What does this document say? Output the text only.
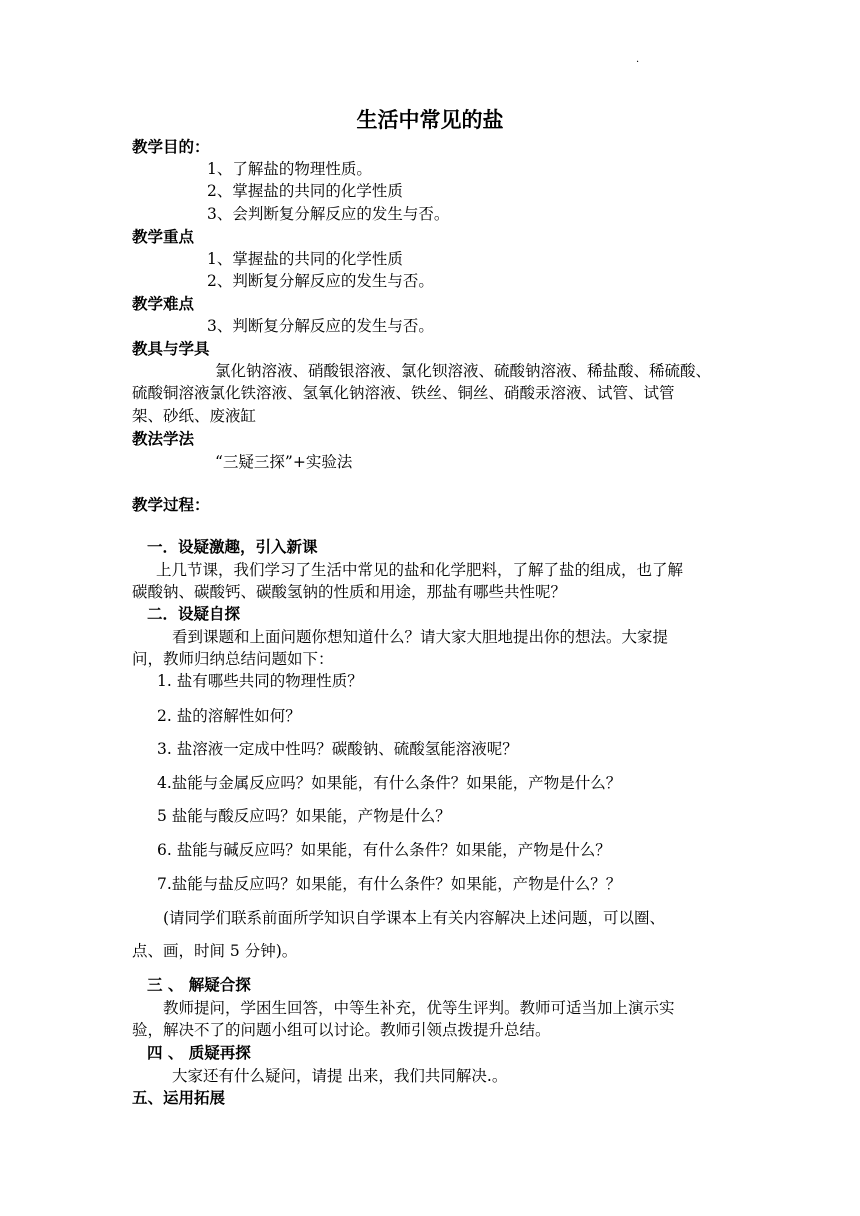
·
生活中常见的盐

教学目的：

1、了解盐的物理性质。

2、掌握盐的共同的化学性质

3、会判断复分解反应的发生与否。

教学重点

1、掌握盐的共同的化学性质

2、判断复分解反应的发生与否。

教学难点

3、判断复分解反应的发生与否。

教具与学具

氯化钠溶液、硝酸银溶液、氯化钡溶液、硫酸钠溶液、稀盐酸、稀硫酸、

硫酸铜溶液氯化铁溶液、氢氧化钠溶液、铁丝、铜丝、硝酸汞溶液、试管、试管

架、砂纸、废液缸

教法学法

“三疑三探”+实验法

教学过程：

一．设疑激趣，引入新课

上几节课，我们学习了生活中常见的盐和化学肥料，了解了盐的组成，也了解

碳酸钠、碳酸钙、碳酸氢钠的性质和用途，那盐有哪些共性呢？

二．设疑自探

看到课题和上面问题你想知道什么？请大家大胆地提出你的想法。大家提

问，教师归纳总结问题如下：

1. 盐有哪些共同的物理性质？

2. 盐的溶解性如何？

3. 盐溶液一定成中性吗？碳酸钠、硫酸氢能溶液呢？

4.盐能与金属反应吗？如果能，有什么条件？如果能，产物是什么？

5 盐能与酸反应吗？如果能，产物是什么？

6. 盐能与碱反应吗？如果能，有什么条件？如果能，产物是什么？

7.盐能与盐反应吗？如果能，有什么条件？如果能，产物是什么？？

(请同学们联系前面所学知识自学课本上有关内容解决上述问题，可以圈、

点、画，时间 5 分钟)。

三 、 解疑合探

教师提问，学困生回答，中等生补充，优等生评判。教师可适当加上演示实

验，解决不了的问题小组可以讨论。教师引领点拨提升总结。

四 、 质疑再探

大家还有什么疑问，请提 出来，我们共同解决.。

五、运用拓展
